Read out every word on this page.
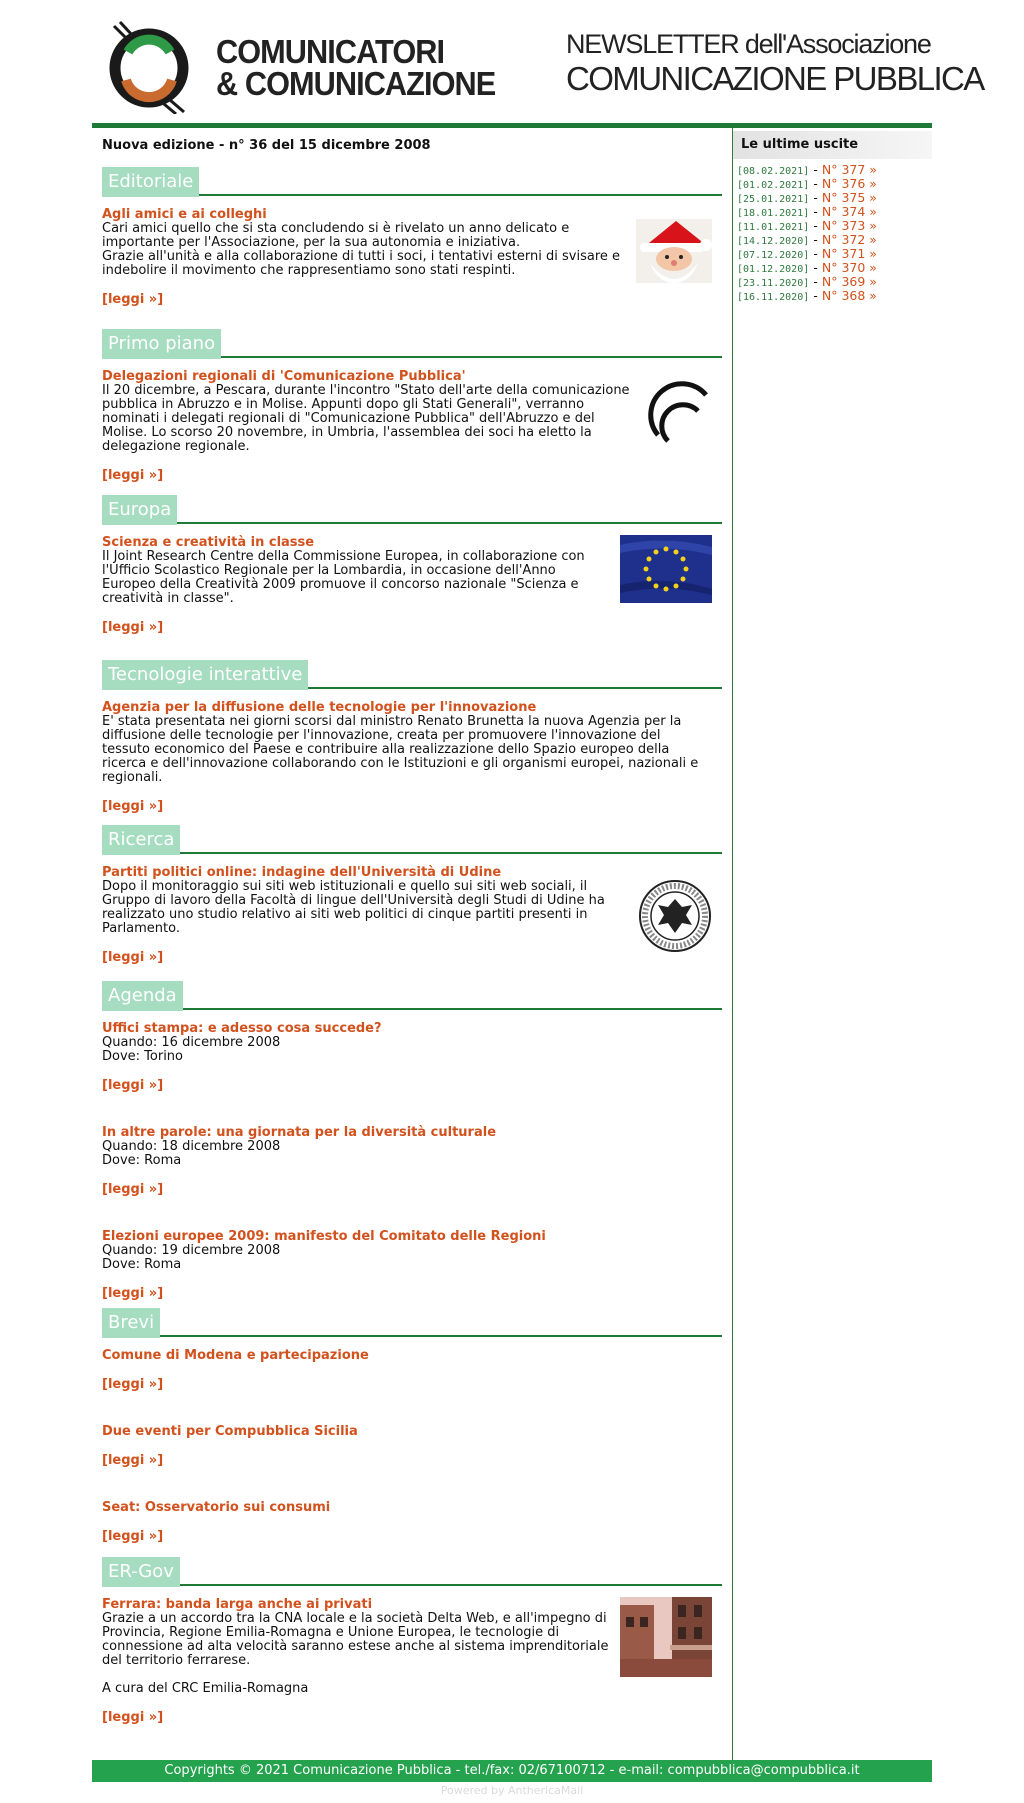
COMUNICATORI
& COMUNICAZIONE
NEWSLETTER dell'Associazione
COMUNICAZIONE PUBBLICA
Nuova edizione - n° 36 del 15 dicembre 2008
Editoriale
Agli amici e ai colleghi
Cari amici quello che si sta concludendo si è rivelato un anno delicato e importante per l'Associazione, per la sua autonomia e iniziativa.
Grazie all'unità e alla collaborazione di tutti i soci, i tentativi esterni di svisare e indebolire il movimento che rappresentiamo sono stati respinti.
[leggi »]
Primo piano
Delegazioni regionali di 'Comunicazione Pubblica'
Il 20 dicembre, a Pescara, durante l'incontro "Stato dell'arte della comunicazione pubblica in Abruzzo e in Molise. Appunti dopo gli Stati Generali", verranno nominati i delegati regionali di "Comunicazione Pubblica" dell'Abruzzo e del Molise. Lo scorso 20 novembre, in Umbria, l'assemblea dei soci ha eletto la delegazione regionale.
[leggi »]
Europa
Scienza e creatività in classe
Il Joint Research Centre della Commissione Europea, in collaborazione con l'Ufficio Scolastico Regionale per la Lombardia, in occasione dell'Anno Europeo della Creatività 2009 promuove il concorso nazionale "Scienza e creatività in classe".
[leggi »]
Tecnologie interattive
Agenzia per la diffusione delle tecnologie per l'innovazione
E' stata presentata nei giorni scorsi dal ministro Renato Brunetta la nuova Agenzia per la diffusione delle tecnologie per l'innovazione, creata per promuovere l'innovazione del tessuto economico del Paese e contribuire alla realizzazione dello Spazio europeo della ricerca e dell'innovazione collaborando con le Istituzioni e gli organismi europei, nazionali e regionali.
[leggi »]
Ricerca
Partiti politici online: indagine dell'Università di Udine
Dopo il monitoraggio sui siti web istituzionali e quello sui siti web sociali, il Gruppo di lavoro della Facoltà di lingue dell'Università degli Studi di Udine ha realizzato uno studio relativo ai siti web politici di cinque partiti presenti in Parlamento.
[leggi »]
Agenda
Uffici stampa: e adesso cosa succede?
Quando: 16 dicembre 2008
Dove: Torino
[leggi »]
In altre parole: una giornata per la diversità culturale
Quando: 18 dicembre 2008
Dove: Roma
[leggi »]
Elezioni europee 2009: manifesto del Comitato delle Regioni
Quando: 19 dicembre 2008
Dove: Roma
[leggi »]
Brevi
Comune di Modena e partecipazione
[leggi »]
Due eventi per Compubblica Sicilia
[leggi »]
Seat: Osservatorio sui consumi
[leggi »]
ER-Gov
Ferrara: banda larga anche ai privati
Grazie a un accordo tra la CNA locale e la società Delta Web, e all'impegno di Provincia, Regione Emilia-Romagna e Unione Europea, le tecnologie di connessione ad alta velocità saranno estese anche al sistema imprenditoriale del territorio ferrarese.

A cura del CRC Emilia-Romagna
[leggi »]
Le ultime uscite
[08.02.2021] - N° 377 »
[01.02.2021] - N° 376 »
[25.01.2021] - N° 375 »
[18.01.2021] - N° 374 »
[11.01.2021] - N° 373 »
[14.12.2020] - N° 372 »
[07.12.2020] - N° 371 »
[01.12.2020] - N° 370 »
[23.11.2020] - N° 369 »
[16.11.2020] - N° 368 »
Copyrights © 2021 Comunicazione Pubblica - tel./fax: 02/67100712 - e-mail: compubblica@compubblica.it
Powered by AnthericaMail
